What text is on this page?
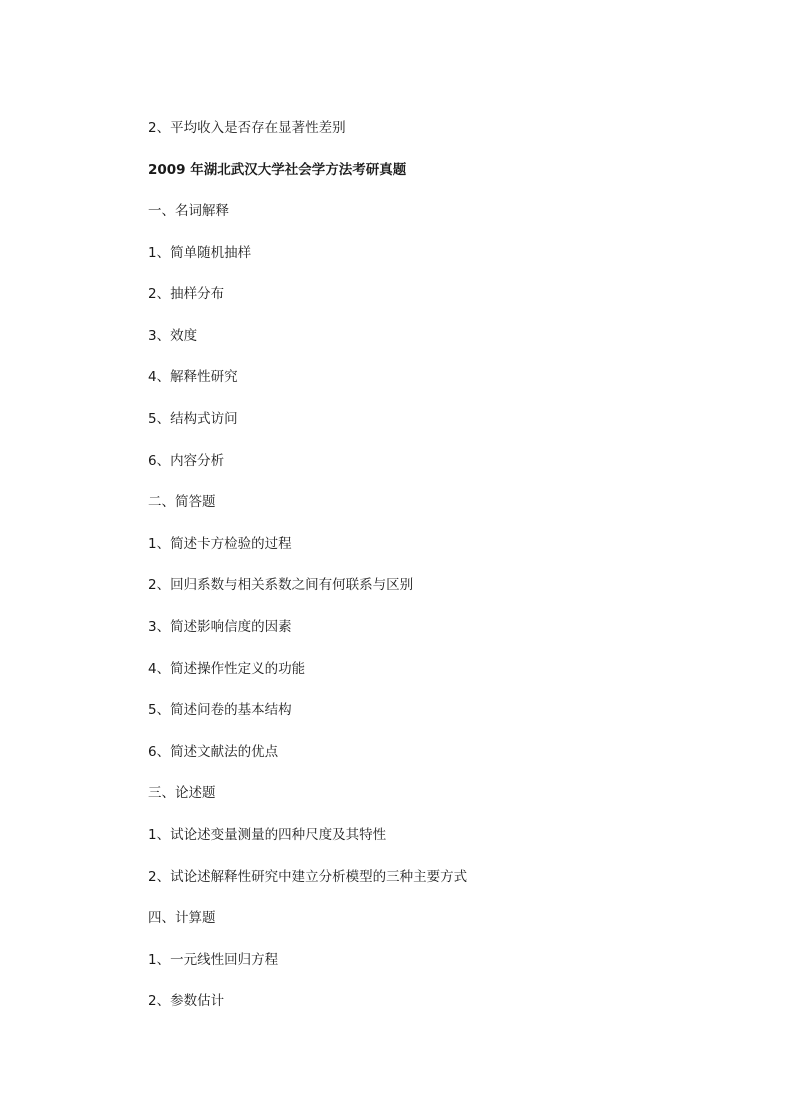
2、平均收入是否存在显著性差别
2009 年湖北武汉大学社会学方法考研真题
一、名词解释
1、简单随机抽样
2、抽样分布
3、效度
4、解释性研究
5、结构式访问
6、内容分析
二、简答题
1、简述卡方检验的过程
2、回归系数与相关系数之间有何联系与区别
3、简述影响信度的因素
4、简述操作性定义的功能
5、简述问卷的基本结构
6、简述文献法的优点
三、论述题
1、试论述变量测量的四种尺度及其特性
2、试论述解释性研究中建立分析模型的三种主要方式
四、计算题
1、一元线性回归方程
2、参数估计
